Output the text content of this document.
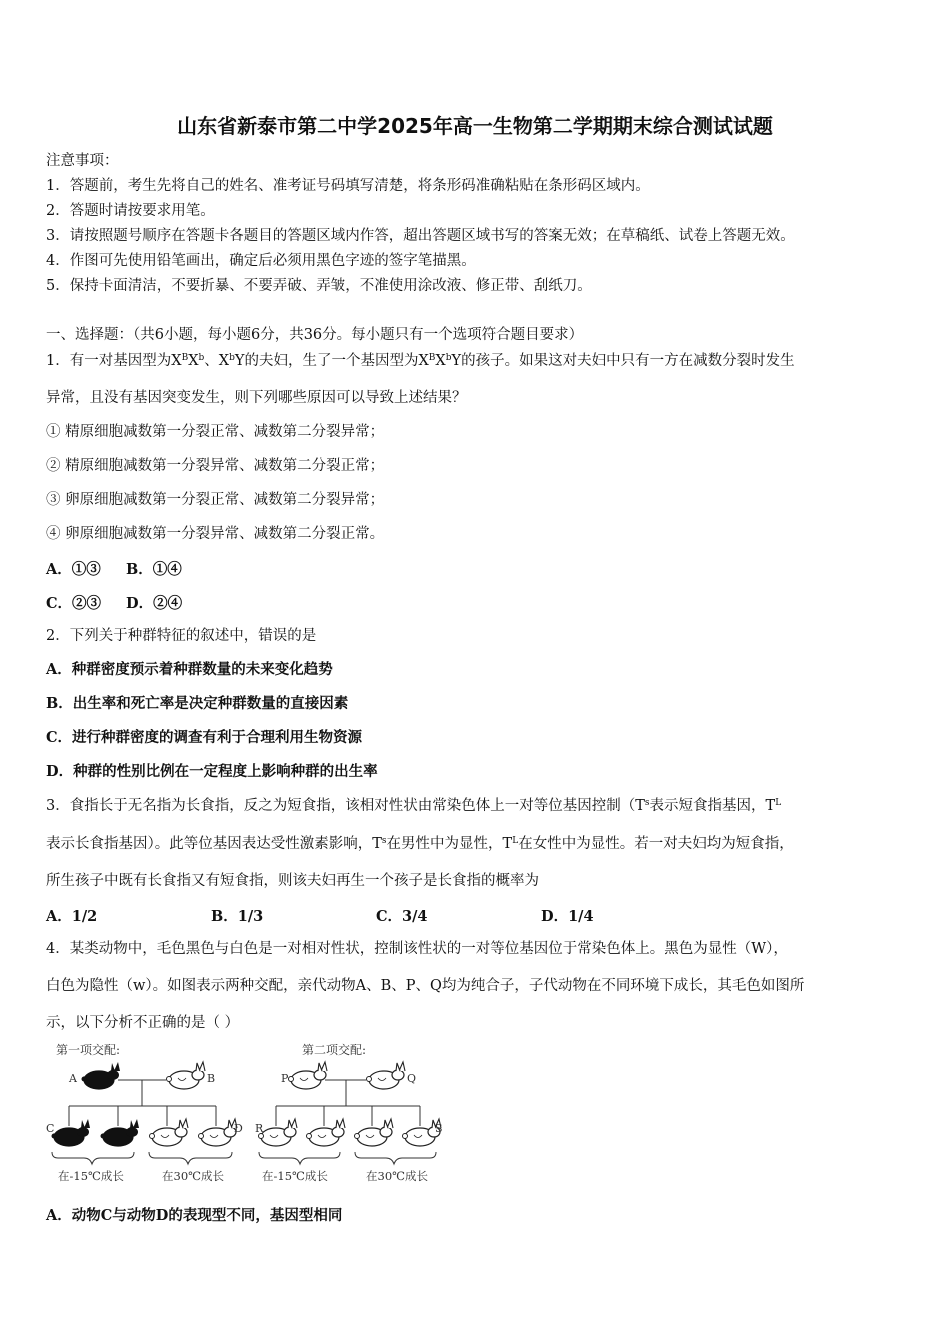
山东省新泰市第二中学2025年高一生物第二学期期末综合测试试题
注意事项：
1．答题前，考生先将自己的姓名、准考证号码填写清楚，将条形码准确粘贴在条形码区域内。
2．答题时请按要求用笔。
3．请按照题号顺序在答题卡各题目的答题区域内作答，超出答题区域书写的答案无效；在草稿纸、试卷上答题无效。
4．作图可先使用铅笔画出，确定后必须用黑色字迹的签字笔描黑。
5．保持卡面清洁，不要折暴、不要弄破、弄皱，不准使用涂改液、修正带、刮纸刀。
一、选择题：（共6小题，每小题6分，共36分。每小题只有一个选项符合题目要求）
1．有一对基因型为$X^BX^b$、$X^bY$的夫妇，生了一个基因型为$X^BX^bY$的孩子。如果这对夫妇中只有一方在减数分裂时发生
异常，且没有基因突变发生，则下列哪些原因可以导致上述结果？
① 精原细胞减数第一分裂正常、减数第二分裂异常；
② 精原细胞减数第一分裂异常、减数第二分裂正常；
③ 卵原细胞减数第一分裂正常、减数第二分裂异常；
④ 卵原细胞减数第一分裂异常、减数第二分裂正常。
A．①③ B．①④
C．②③ D．②④
2．下列关于种群特征的叙述中，错误的是
A．种群密度预示着种群数量的未来变化趋势
B．出生率和死亡率是决定种群数量的直接因素
C．进行种群密度的调查有利于合理利用生物资源
D．种群的性别比例在一定程度上影响种群的出生率
3．食指长于无名指为长食指，反之为短食指，该相对性状由常染色体上一对等位基因控制（$T^s$表示短食指基因，$T^L$
表示长食指基因）。此等位基因表达受性激素影响，$T^s$在男性中为显性，$T^L$在女性中为显性。若一对夫妇均为短食指，
所生孩子中既有长食指又有短食指，则该夫妇再生一个孩子是长食指的概率为
A．1/2	B．1/3	C．3/4	D．1/4
4．某类动物中，毛色黑色与白色是一对相对性状，控制该性状的一对等位基因位于常染色体上。黑色为显性（W），
白色为隐性（w）。如图表示两种交配，亲代动物A、B、P、Q均为纯合子，子代动物在不同环境下成长，其毛色如图所
示，以下分析不正确的是（ ）
第一项交配:	第二项交配:
A	B
C	D
在-15℃成长	在30℃成长
P	Q
R	S
在-15℃成长	在30℃成长
A．动物C与动物D的表现型不同，基因型相同
